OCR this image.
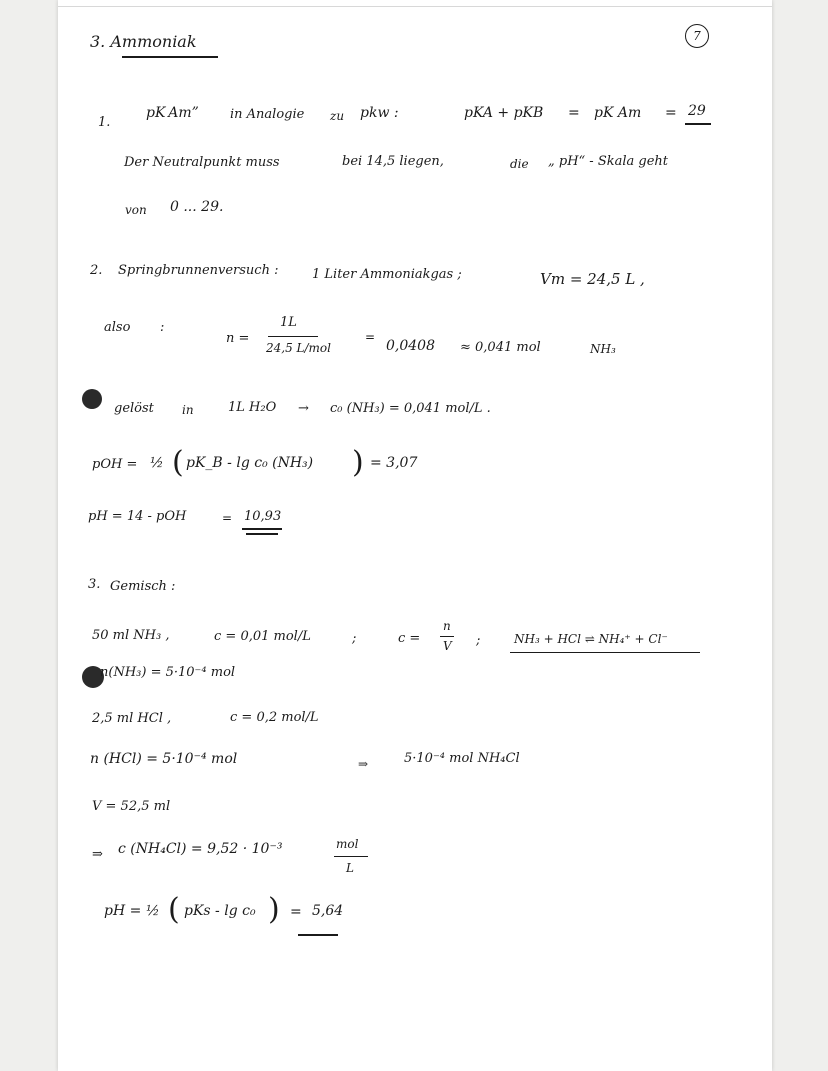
7
3. Ammoniak
1.
pK Am” in Analogie zu pkw :	pKA + pKB = pK Am = 29
Der Neutralpunkt muss	bei 14,5 liegen,	die „ pH“ - Skala geht
von 0 ... 29.
2. Springbrunnenversuch :	1 Liter Ammoniakgas ;	Vm = 24,5 L ,
also :
n =
1L
24,5 L/mol
=
0,0408 ≈ 0,041 mol	NH₃
gelöst in	1L H₂O → c₀ (NH₃) = 0,041 mol/L .
pOH = ½ ( pK_B - lg c₀ (NH₃) ) = 3,07
pH = 14 - pOH	= 10,93
3. Gemisch :
50 ml NH₃ ,	c = 0,01 mol/L	;	c =
n
V ;	NH₃ + HCl ⇌ NH₄⁺ + Cl⁻
n(NH₃) = 5·10⁻⁴ mol
2,5 ml HCl ,	c = 0,2 mol/L
n (HCl) = 5·10⁻⁴ mol	⇒	5·10⁻⁴ mol NH₄Cl
V = 52,5 ml
⇒ c (NH₄Cl) = 9,52 · 10⁻³	mol
L
pH = ½ ( pKs - lg c₀ ) = 5,64
